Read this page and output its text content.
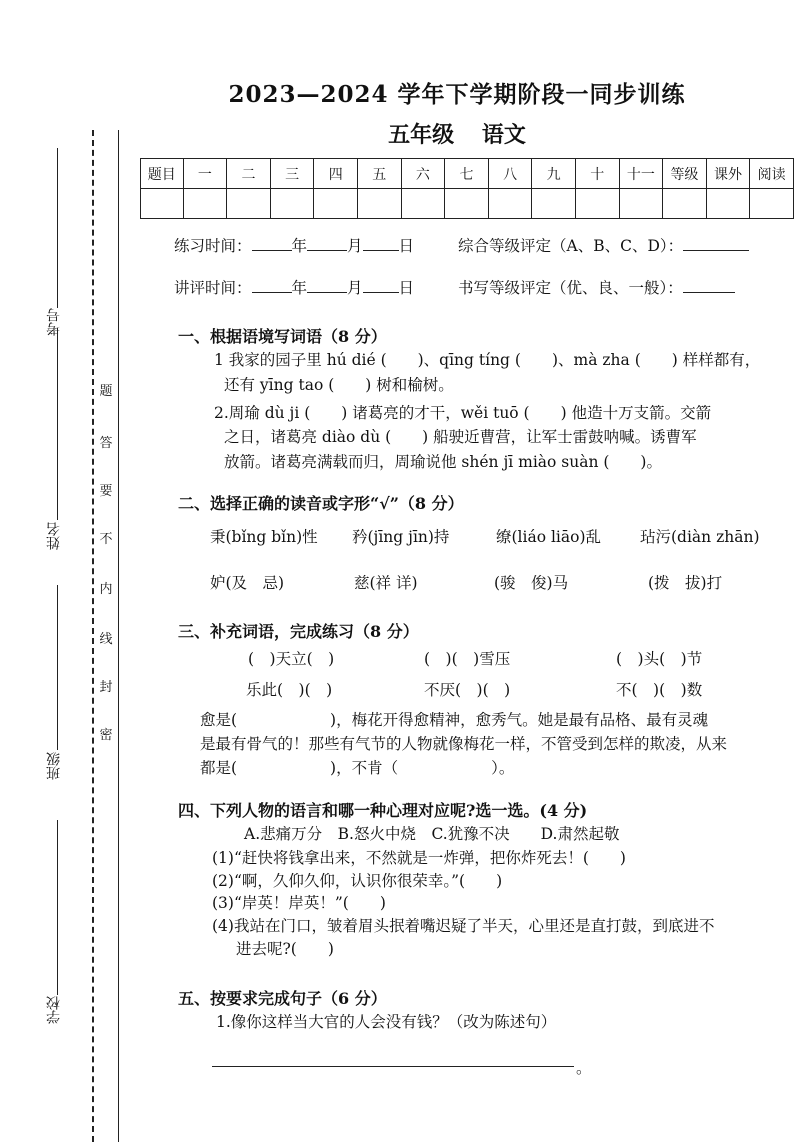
考号
姓名
班级
学校
题
答
要
不
内
线
封
密
2023—2024 学年下学期阶段一同步训练
五年级 语文
题目	一	二	三	四	五	六	七	八	九	十	十一	等级	课外	阅读

练习时间：	年	月 日	综合等级评定（A、B、C、D）：
讲评时间：	年	月 日	书写等级评定（优、良、一般）：
一、根据语境写词语（8 分）
1 我家的园子里 hú dié (　　)、qīng tíng (　　)、mà zha (　　) 样样都有，
还有 yīng tao (　　) 树和榆树。
2.周瑜 dù ji (　　) 诸葛亮的才干，wěi tuō (　　) 他造十万支箭。交箭
之日，诸葛亮 diào dù (　　) 船驶近曹营，让军士雷鼓呐喊。诱曹军
放箭。诸葛亮满载而归，周瑜说他 shén jī miào suàn (　　)。
二、选择正确的读音或字形“√”（8 分）
秉(bǐng bǐn)性 矜(jīng jīn)持	缭(liáo liāo)乱	玷污(diàn zhān)
妒(及　忌)	慈(祥 详)	(骏　俊)马	(拨　拔)打
三、补充词语，完成练习（8 分）
(　)天立(　)	(　)(　)雪压	(　)头(　)节
乐此(　)(　)	不厌(　)(　)	不(　)(　)数
愈是(　　　　　　)，梅花开得愈精神，愈秀气。她是最有品格、最有灵魂
是最有骨气的！那些有气节的人物就像梅花一样，不管受到怎样的欺凌，从来
都是(　　　　　　)，不肯（　　　　　　）。
四、下列人物的语言和哪一种心理对应呢?选一选。(4 分)
A.悲痛万分　B.怒火中烧　C.犹豫不决　　D.肃然起敬
(1)“赶快将钱拿出来，不然就是一炸弹，把你炸死去！(　　)
(2)“啊，久仰久仰，认识你很荣幸。”(　　)
(3)“岸英！岸英！”(　　)
(4)我站在门口，皱着眉头抿着嘴迟疑了半天，心里还是直打鼓，到底进不
进去呢?(　　)
五、按要求完成句子（6 分）
1.像你这样当大官的人会没有钱？（改为陈述句）
。
